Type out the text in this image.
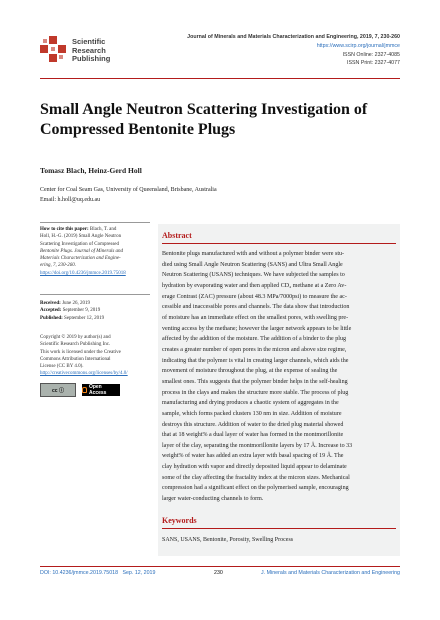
Scientific
Research
Publishing
Journal of Minerals and Materials Characterization and Engineering, 2019, 7, 230-260
https://www.scirp.org/journal/jmmce
ISSN Online: 2327-4085
ISSN Print: 2327-4077
Small Angle Neutron Scattering Investigation of
Compressed Bentonite Plugs
Tomasz Blach, Heinz-Gerd Holl
Center for Coal Seam Gas, University of Queensland, Brisbane, Australia
Email: h.holl@uq.edu.au
How to cite this paper: Blach, T. and
Holl, H.-G. (2019) Small Angle Neutron
Scattering Investigation of Compressed
Bentonite Plugs. Journal of Minerals and
Materials Characterization and Engine-
ering, 7, 230-260.
https://doi.org/10.4236/jmmce.2019.75018
Received: June 26, 2019
Accepted: September 9, 2019
Published: September 12, 2019
Copyright © 2019 by author(s) and
Scientific Research Publishing Inc.
This work is licensed under the Creative
Commons Attribution International
License (CC BY 4.0).
http://creativecommons.org/licenses/by/4.0/
cc ⓘ
Open Access
Abstract
Bentonite plugs manufactured with and without a polymer binder were stu-
died using Small Angle Neutron Scattering (SANS) and Ultra Small Angle
Neutron Scattering (USANS) techniques. We have subjected the samples to
hydration by evaporating water and then applied CD₄ methane at a Zero Av-
erage Contrast (ZAC) pressure (about 48.3 MPa/7000psi) to measure the ac-
cessible and inaccessible pores and channels. The data show that introduction
of moisture has an immediate effect on the smallest pores, with swelling pre-
venting access by the methane; however the larger network appears to be little
affected by the addition of the moisture. The addition of a binder to the plug
creates a greater number of open pores in the micron and above size regime,
indicating that the polymer is vital in creating larger channels, which aids the
movement of moisture throughout the plug, at the expense of sealing the
smallest ones. This suggests that the polymer binder helps in the self-healing
process in the clays and makes the structure more stable. The process of plug
manufacturing and drying produces a chaotic system of aggregates in the
sample, which forms packed clusters 130 nm in size. Addition of moisture
destroys this structure. Addition of water to the dried plug material showed
that at 18 weight% a dual layer of water has formed in the montmorillonite
layer of the clay, separating the montmorillonite layers by 17 Å. Increase to 33
weight% of water has added an extra layer with basal spacing of 19 Å. The
clay hydration with vapor and directly deposited liquid appear to delaminate
some of the clay affecting the fractality index at the micron sizes. Mechanical
compression had a significant effect on the polymerised sample, encouraging
larger water-conducting channels to form.
Keywords
SANS, USANS, Bentonite, Porosity, Swelling Process
DOI: 10.4236/jmmce.2019.75018 Sep. 12, 2019	230	J. Minerals and Materials Characterization and Engineering
